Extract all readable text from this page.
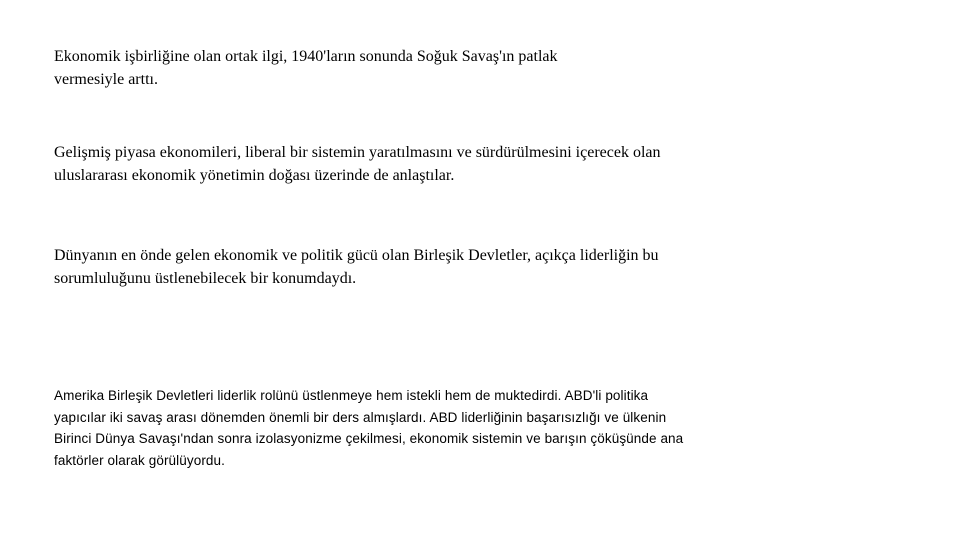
Ekonomik işbirliğine olan ortak ilgi, 1940'ların sonunda Soğuk Savaş'ın patlak
vermesiyle arttı.

Gelişmiş piyasa ekonomileri, liberal bir sistemin yaratılmasını ve sürdürülmesini içerecek olan
uluslararası ekonomik yönetimin doğası üzerinde de anlaştılar.

Dünyanın en önde gelen ekonomik ve politik gücü olan Birleşik Devletler, açıkça liderliğin bu
sorumluluğunu üstlenebilecek bir konumdaydı.

Amerika Birleşik Devletleri liderlik rolünü üstlenmeye hem istekli hem de muktedirdi. ABD'li politika
yapıcılar iki savaş arası dönemden önemli bir ders almışlardı. ABD liderliğinin başarısızlığı ve ülkenin
Birinci Dünya Savaşı'ndan sonra izolasyonizme çekilmesi, ekonomik sistemin ve barışın çöküşünde ana
faktörler olarak görülüyordu.
